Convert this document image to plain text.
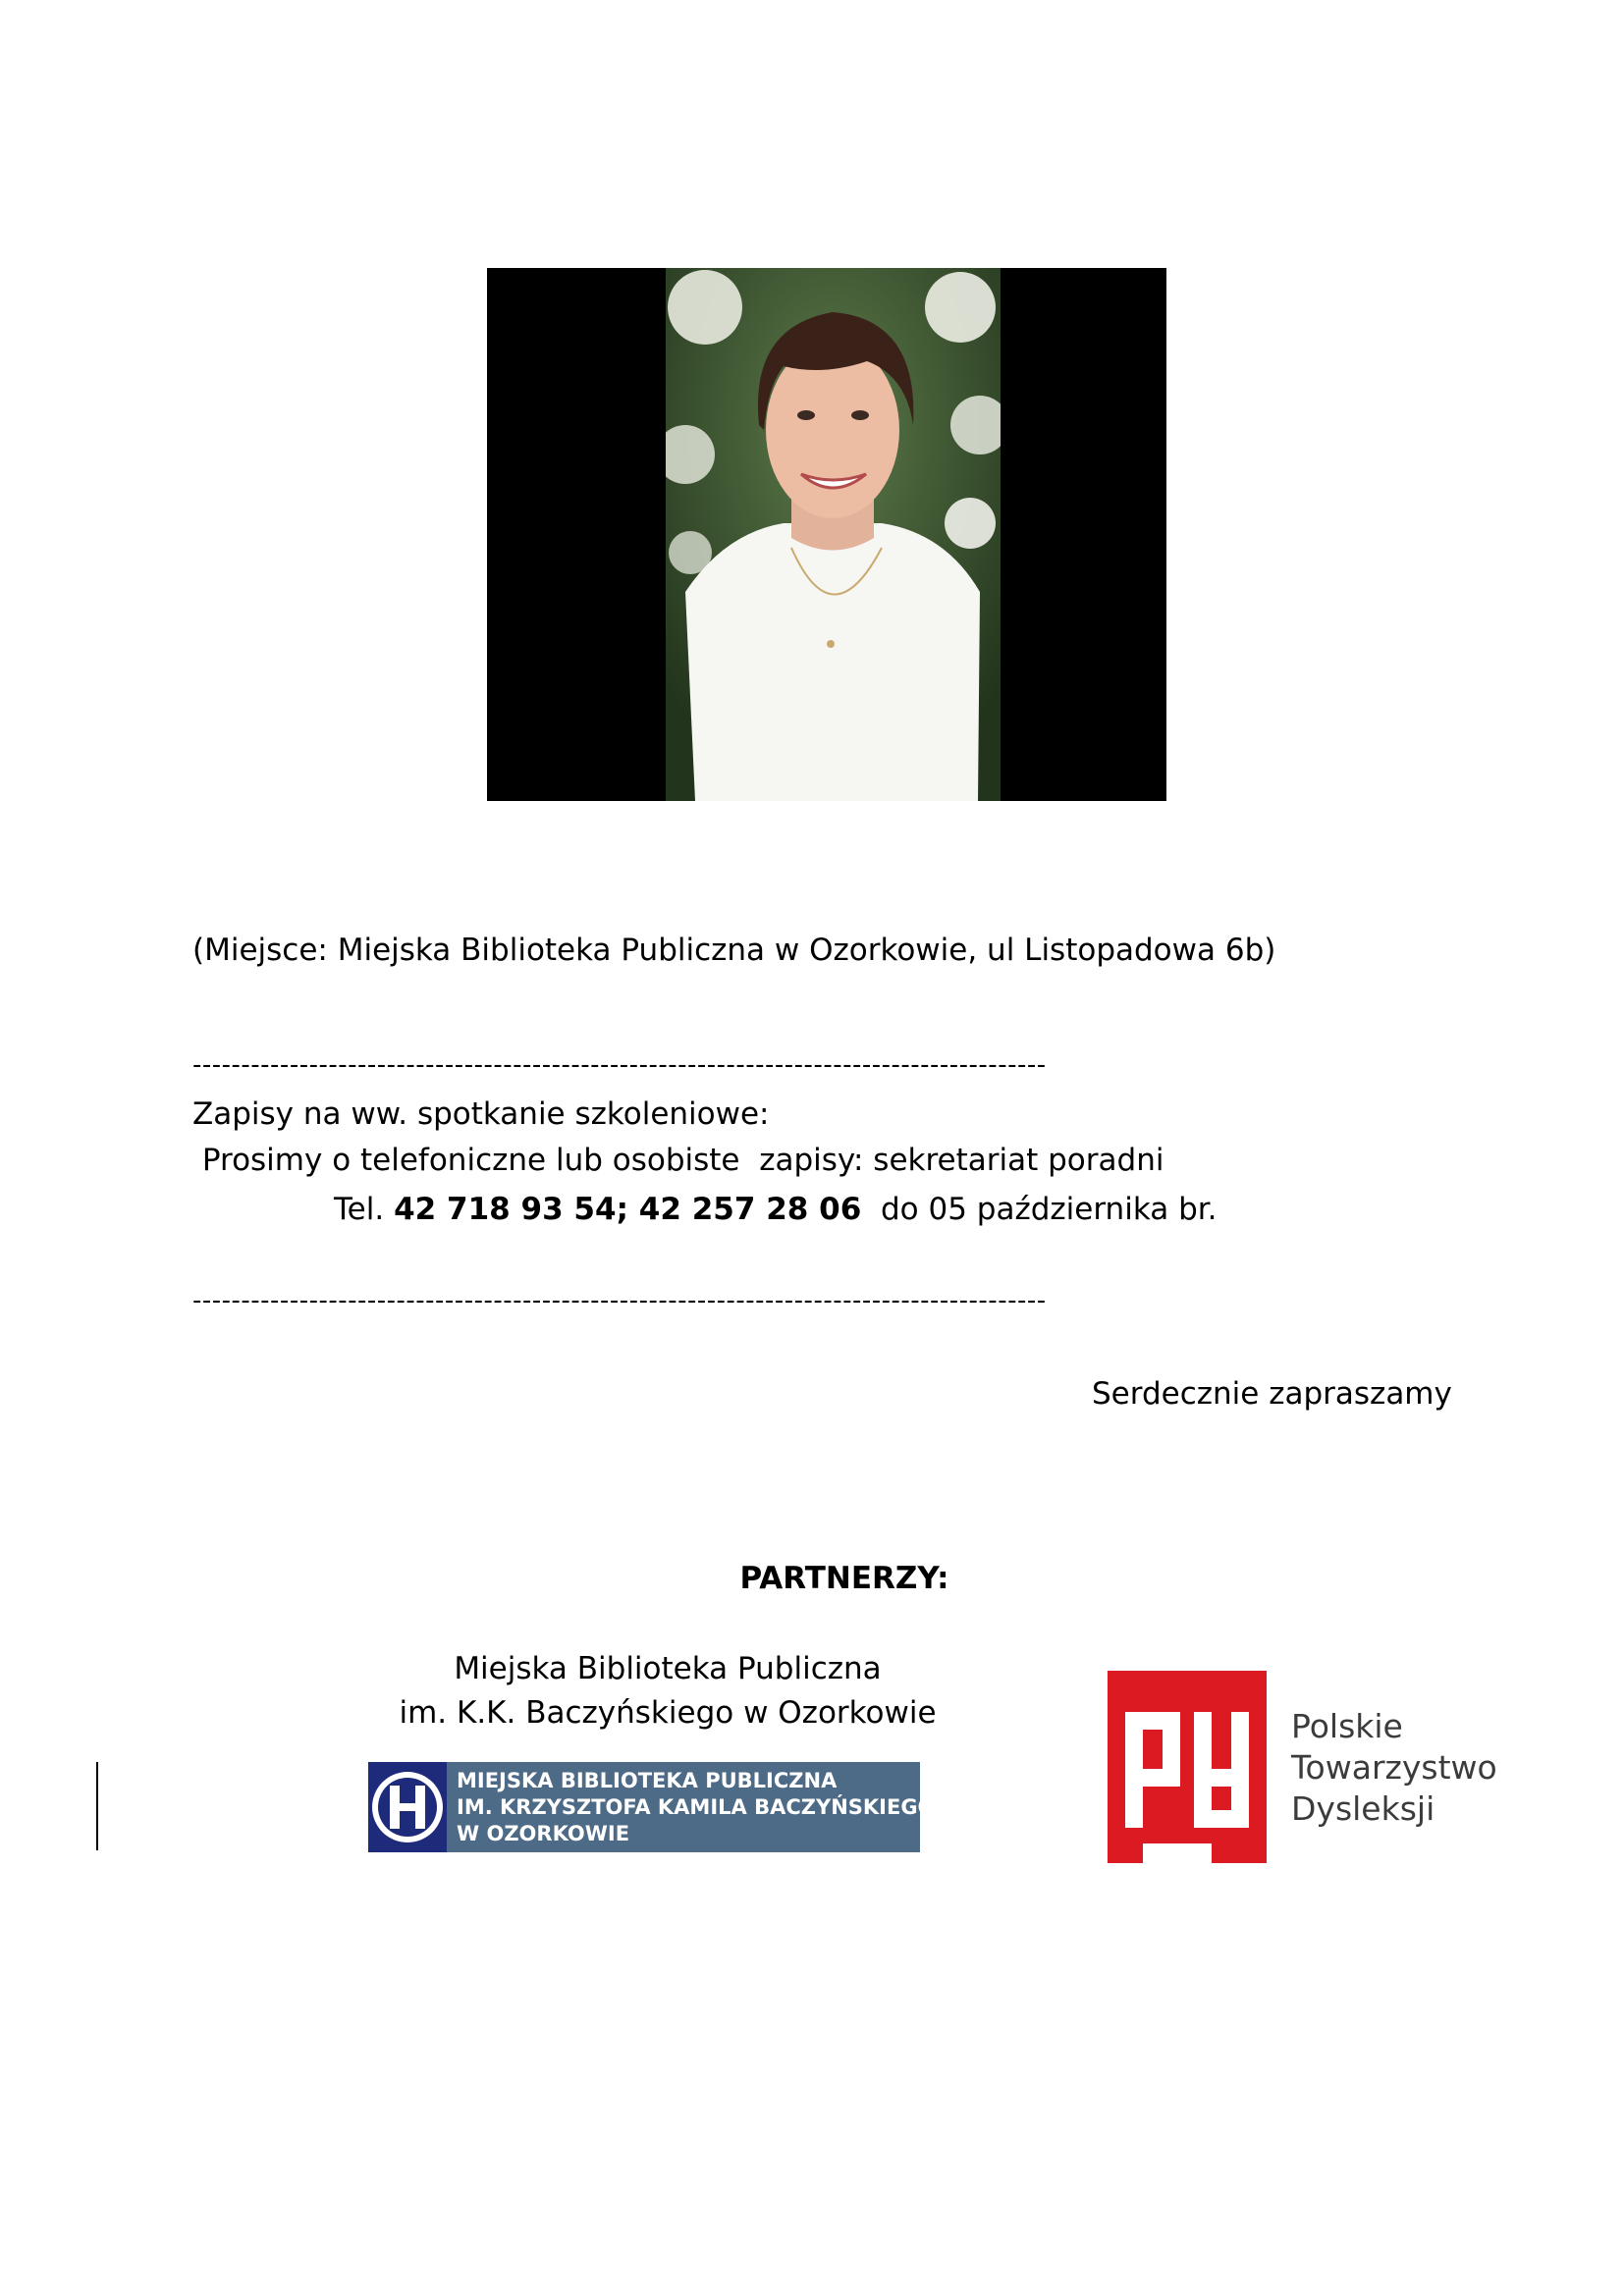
(Miejsce: Miejska Biblioteka Publiczna w Ozorkowie, ul Listopadowa 6b)
----------------------------------------------------------------------------------------
Zapisy na ww. spotkanie szkoleniowe:
Prosimy o telefoniczne lub osobiste  zapisy: sekretariat poradni
Tel. 42 718 93 54; 42 257 28 06  do 05 października br.
----------------------------------------------------------------------------------------
Serdecznie zapraszamy
PARTNERZY:
Miejska Biblioteka Publiczna
im. K.K. Baczyńskiego w Ozorkowie
MIEJSKA BIBLIOTEKA PUBLICZNA
IM. KRZYSZTOFA KAMILA BACZYŃSKIEGO
W OZORKOWIE
Polskie
Towarzystwo
Dysleksji
